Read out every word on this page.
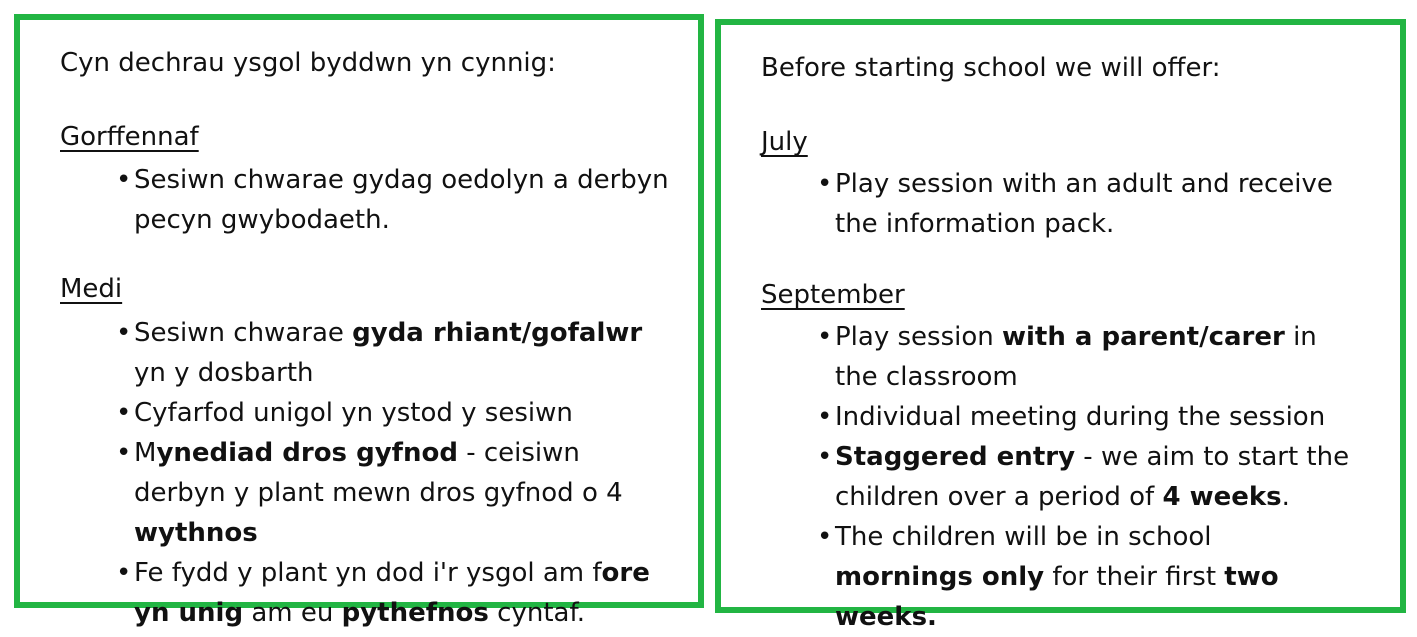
Cyn dechrau ysgol byddwn yn cynnig:

Gorffennaf

• Sesiwn chwarae gydag oedolyn a derbyn pecyn gwybodaeth.

Medi

• Sesiwn chwarae gyda rhiant/gofalwr yn y dosbarth
• Cyfarfod unigol yn ystod y sesiwn
• Mynediad dros gyfnod - ceisiwn derbyn y plant mewn dros gyfnod o 4 wythnos
• Fe fydd y plant yn dod i'r ysgol am fore yn unig am eu pythefnos cyntaf.

Before starting school we will offer:

July

• Play session with an adult and receive the information pack.

September

• Play session with a parent/carer in the classroom
• Individual meeting during the session
• Staggered entry - we aim to start the children over a period of 4 weeks.
• The children will be in school mornings only for their first two weeks.
